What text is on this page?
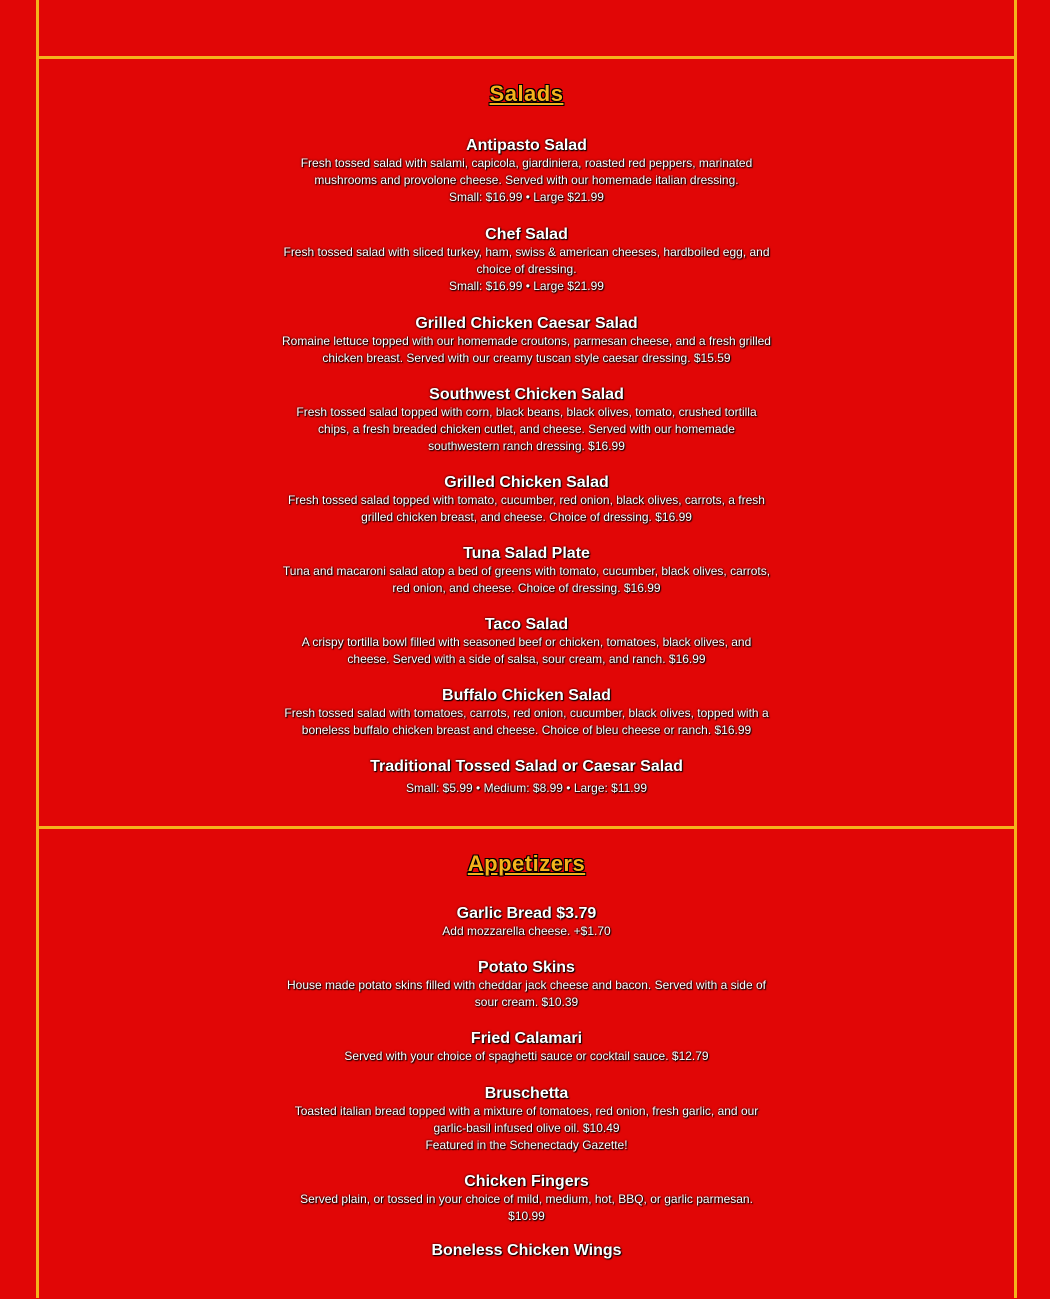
Salads
Antipasto Salad
Fresh tossed salad with salami, capicola, giardiniera, roasted red peppers, marinated mushrooms and provolone cheese. Served with our homemade italian dressing.
Small: $16.99 • Large $21.99
Chef Salad
Fresh tossed salad with sliced turkey, ham, swiss & american cheeses, hardboiled egg, and choice of dressing.
Small: $16.99 • Large $21.99
Grilled Chicken Caesar Salad
Romaine lettuce topped with our homemade croutons, parmesan cheese, and a fresh grilled chicken breast. Served with our creamy tuscan style caesar dressing. $15.59
Southwest Chicken Salad
Fresh tossed salad topped with corn, black beans, black olives, tomato, crushed tortilla chips, a fresh breaded chicken cutlet, and cheese. Served with our homemade southwestern ranch dressing. $16.99
Grilled Chicken Salad
Fresh tossed salad topped with tomato, cucumber, red onion, black olives, carrots, a fresh grilled chicken breast, and cheese. Choice of dressing. $16.99
Tuna Salad Plate
Tuna and macaroni salad atop a bed of greens with tomato, cucumber, black olives, carrots, red onion, and cheese. Choice of dressing. $16.99
Taco Salad
A crispy tortilla bowl filled with seasoned beef or chicken, tomatoes, black olives, and cheese. Served with a side of salsa, sour cream, and ranch. $16.99
Buffalo Chicken Salad
Fresh tossed salad with tomatoes, carrots, red onion, cucumber, black olives, topped with a boneless buffalo chicken breast and cheese. Choice of bleu cheese or ranch. $16.99
Traditional Tossed Salad or Caesar Salad
Small: $5.99 • Medium: $8.99 • Large: $11.99
Appetizers
Garlic Bread $3.79
Add mozzarella cheese. +$1.70
Potato Skins
House made potato skins filled with cheddar jack cheese and bacon. Served with a side of sour cream. $10.39
Fried Calamari
Served with your choice of spaghetti sauce or cocktail sauce. $12.79
Bruschetta
Toasted italian bread topped with a mixture of tomatoes, red onion, fresh garlic, and our garlic-basil infused olive oil. $10.49
Featured in the Schenectady Gazette!
Chicken Fingers
Served plain, or tossed in your choice of mild, medium, hot, BBQ, or garlic parmesan. $10.99
Boneless Chicken Wings
